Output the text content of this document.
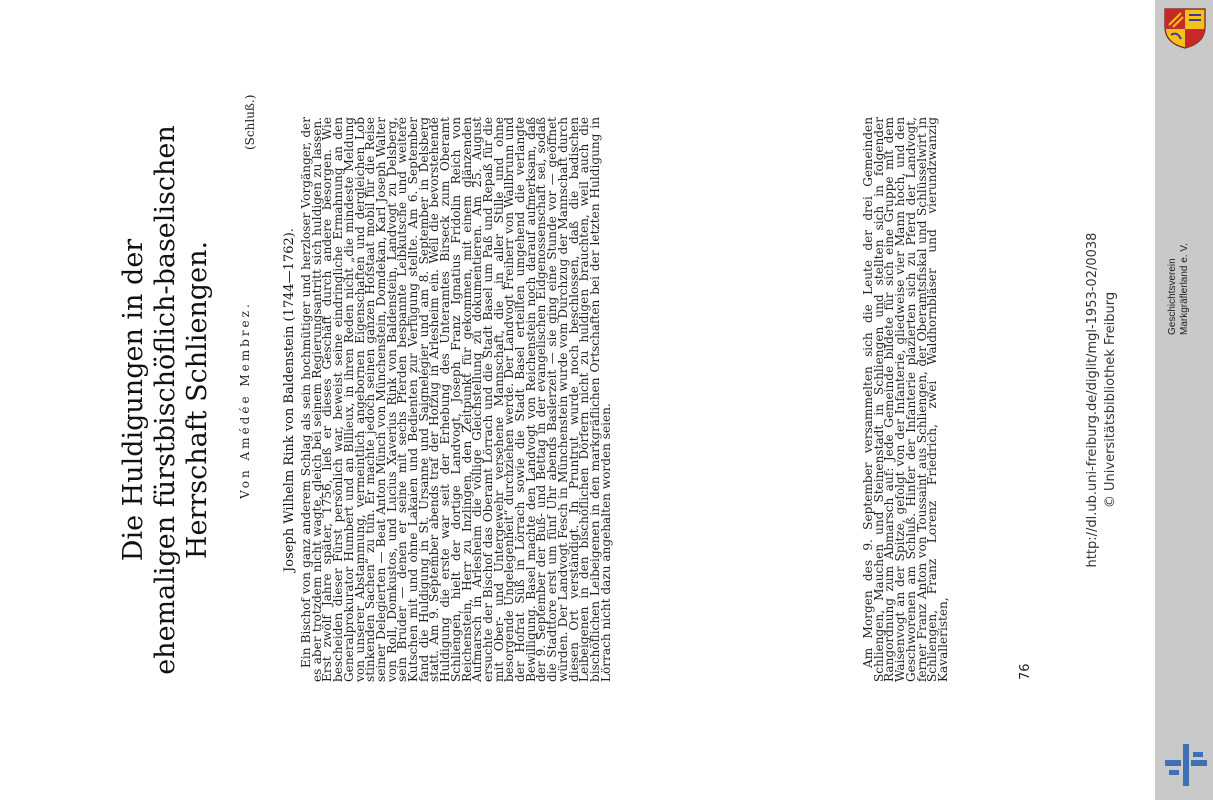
Die Huldigungen in der ehemaligen fürstbischöflich-baselischen Herrschaft Schliengen. Von Amédée Membrez.
(Schluß.)
Joseph Wilhelm Rink von Baldenstein (1744—1762). Ein Bischof von ganz anderem Schlag als sein hochmütiger und herzloser Vorgänger, der es aber trotzdem nicht wagte, gleich bei seinem Regierungsantritt sich huldigen zu lassen. Erst zwölf Jahre später, 1756, ließ er dieses Geschäft durch andere besorgen. Wie bescheiden dieser Fürst persönlich war, beweist seine eindringliche Ermahnung an den Generalprokurator Humbert und an Billieux, in ihren Reden nicht „die mindeste Meldung von unserer Abstammung, vermeintlich angebornen Eigenschaften und dergleichen Lob stinkenden Sachen“ zu tun. Er machte jedoch seinen ganzen Hofstaat mobil für die Reise seiner Delegierten — Beat Anton Münch von Münchenstein, Domdekan, Karl Joseph Walter von Roll, Domkustos, und Lucius Xaverius Rink von Baldenstein, Landvogt zu Delsberg, sein Bruder — denen er seine mit sechs Pferden bespannte Leibkutsche und weitere Kutschen mit und ohne Lakaien und Bedienten zur Verfügung stellte. Am 6. September fand die Huldigung in St. Ursanne und Saignelégier und am 8. September in Delsberg statt. Am 9. September abends traf der Hofzug in Arlesheim ein. Weil die bevorstehende Huldigung die erste war seit der Erhebung des Unteramtes Birseck zum Oberamt Schliengen, hielt der dortige Landvogt, Joseph Franz Ignatius Fridolin Reich von Reichenstein, Herr zu Inzlingen, den Zeitpunkt für gekommen, mit einem glänzenden Aufmarsch in Arlesheim die völlige Gleichstellung zu dokumentieren. Am 25. August ersuchte der Bischof das Oberamt Lörrach und die Stadt Basel um Paß und Repaß für die mit Ober- und Untergewehr versehene Mannschaft, die „in aller Stille und ohne besorgende Ungelegenheit“ durchziehen werde. Der Landvogt Freiherr von Wallbrunn und der Hofrat Süß in Lörrach sowie die Stadt Basel erteilten umgehend die verlangte Bewilligung. Basel machte den Landvogt von Reichenstein noch darauf aufmerksam, daß der 9. September der Buß- und Bettag in der evangelischen Eidgenossenschaft sei, sodaß die Stadttore erst um fünf Uhr abends Baslerzeit — sie ging eine Stunde vor — geöffnet würden. Der Landvogt Fesch in Münchenstein wurde vom Durchzug der Mannschaft durch diesen Ort verständigt. In Pruntrut wurde noch beschlossen, daß die badischen Leibeigenen in den bischöflichen Dörfern nicht zu huldigen brauchten, weil auch die bischöflichen Leibeigenen in den markgräflichen Ortschaften bei der letzten Huldigung in Lörrach nicht dazu angehalten worden seien.	Am Morgen des 9. September versammelten sich die Leute der drei Gemeinden Schliengen, Mauchen und Steinenstadt in Schliengen und stellten sich in folgender Rangordnung zum Abmarsch auf: Jede Gemeinde bildete für sich eine Gruppe mit dem Waisenvogt an der Spitze, gefolgt von der Infanterie, gliedweise vier Mann hoch, und den Geschworenen am Schluß. Hinter der Infanterie plazierten sich zu Pferd der Landvogt, ferner Franz Anton von Toussaint aus Schliengen, der Oberamtsfiskal und Schlüsselwirt in Schliengen, Franz Lorenz Friedrich, zwei Waldhornbläser und vierundzwanzig Kavalleristen,	76
http://dl.ub.uni-freiburg.de/diglit/mgl-1953-02/0038 © Universitätsbibliothek Freiburg	Geschichtsverein Markgräflerland e. V.
